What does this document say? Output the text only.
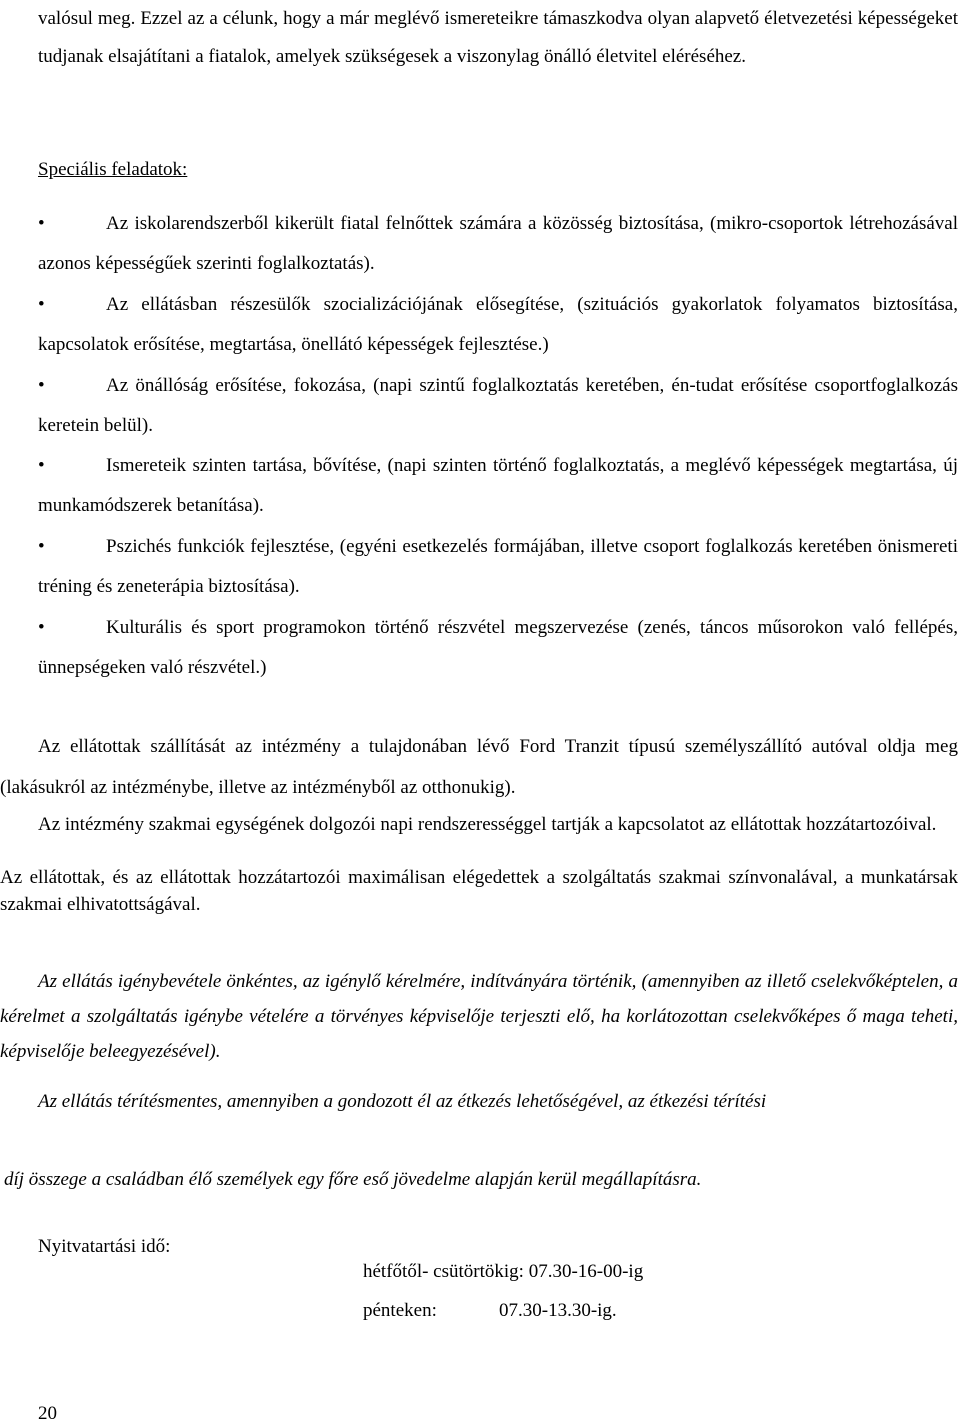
valósul meg. Ezzel az a célunk, hogy a már meglévő ismereteikre támaszkodva olyan alapvető életvezetési képességeket tudjanak elsajátítani a fiatalok, amelyek szükségesek a viszonylag önálló életvitel eléréséhez.
Speciális feladatok:
•	Az iskolarendszerből kikerült fiatal felnőttek számára a közösség biztosítása, (mikro-csoportok létrehozásával azonos képességűek szerinti foglalkoztatás).
•	Az ellátásban részesülők szocializációjának elősegítése, (szituációs gyakorlatok folyamatos biztosítása, kapcsolatok erősítése, megtartása, önellátó képességek fejlesztése.)
•	Az önállóság erősítése, fokozása, (napi szintű foglalkoztatás keretében, én-tudat erősítése csoportfoglalkozás keretein belül).
•	Ismereteik szinten tartása, bővítése, (napi szinten történő foglalkoztatás, a meglévő képességek megtartása, új munkamódszerek betanítása).
•	Pszichés funkciók fejlesztése, (egyéni esetkezelés formájában, illetve csoport foglalkozás keretében önismereti tréning és zeneterápia biztosítása).
•	Kulturális és sport programokon történő részvétel megszervezése (zenés, táncos műsorokon való fellépés, ünnepségeken való részvétel.)
Az ellátottak szállítását az intézmény a tulajdonában lévő Ford Tranzit típusú személyszállító autóval oldja meg (lakásukról az intézménybe, illetve az intézményből az otthonukig).
Az intézmény szakmai egységének dolgozói napi rendszerességgel tartják a kapcsolatot az ellátottak hozzátartozóival.
Az ellátottak, és az ellátottak hozzátartozói maximálisan elégedettek a szolgáltatás szakmai színvonalával, a munkatársak szakmai elhivatottságával.
Az ellátás igénybevétele önkéntes, az igénylő kérelmére, indítványára történik, (amennyiben az illető cselekvőképtelen, a kérelmet a szolgáltatás igénybe vételére a törvényes képviselője terjeszti elő, ha korlátozottan cselekvőképes ő maga teheti, képviselője beleegyezésével).
Az ellátás térítésmentes, amennyiben a gondozott él az étkezés lehetőségével, az étkezési térítési
díj összege a családban élő személyek egy főre eső jövedelme alapján kerül megállapításra.
Nyitvatartási idő:
hétfőtől- csütörtökig: 07.30-16-00-ig
pénteken:	07.30-13.30-ig.
20
